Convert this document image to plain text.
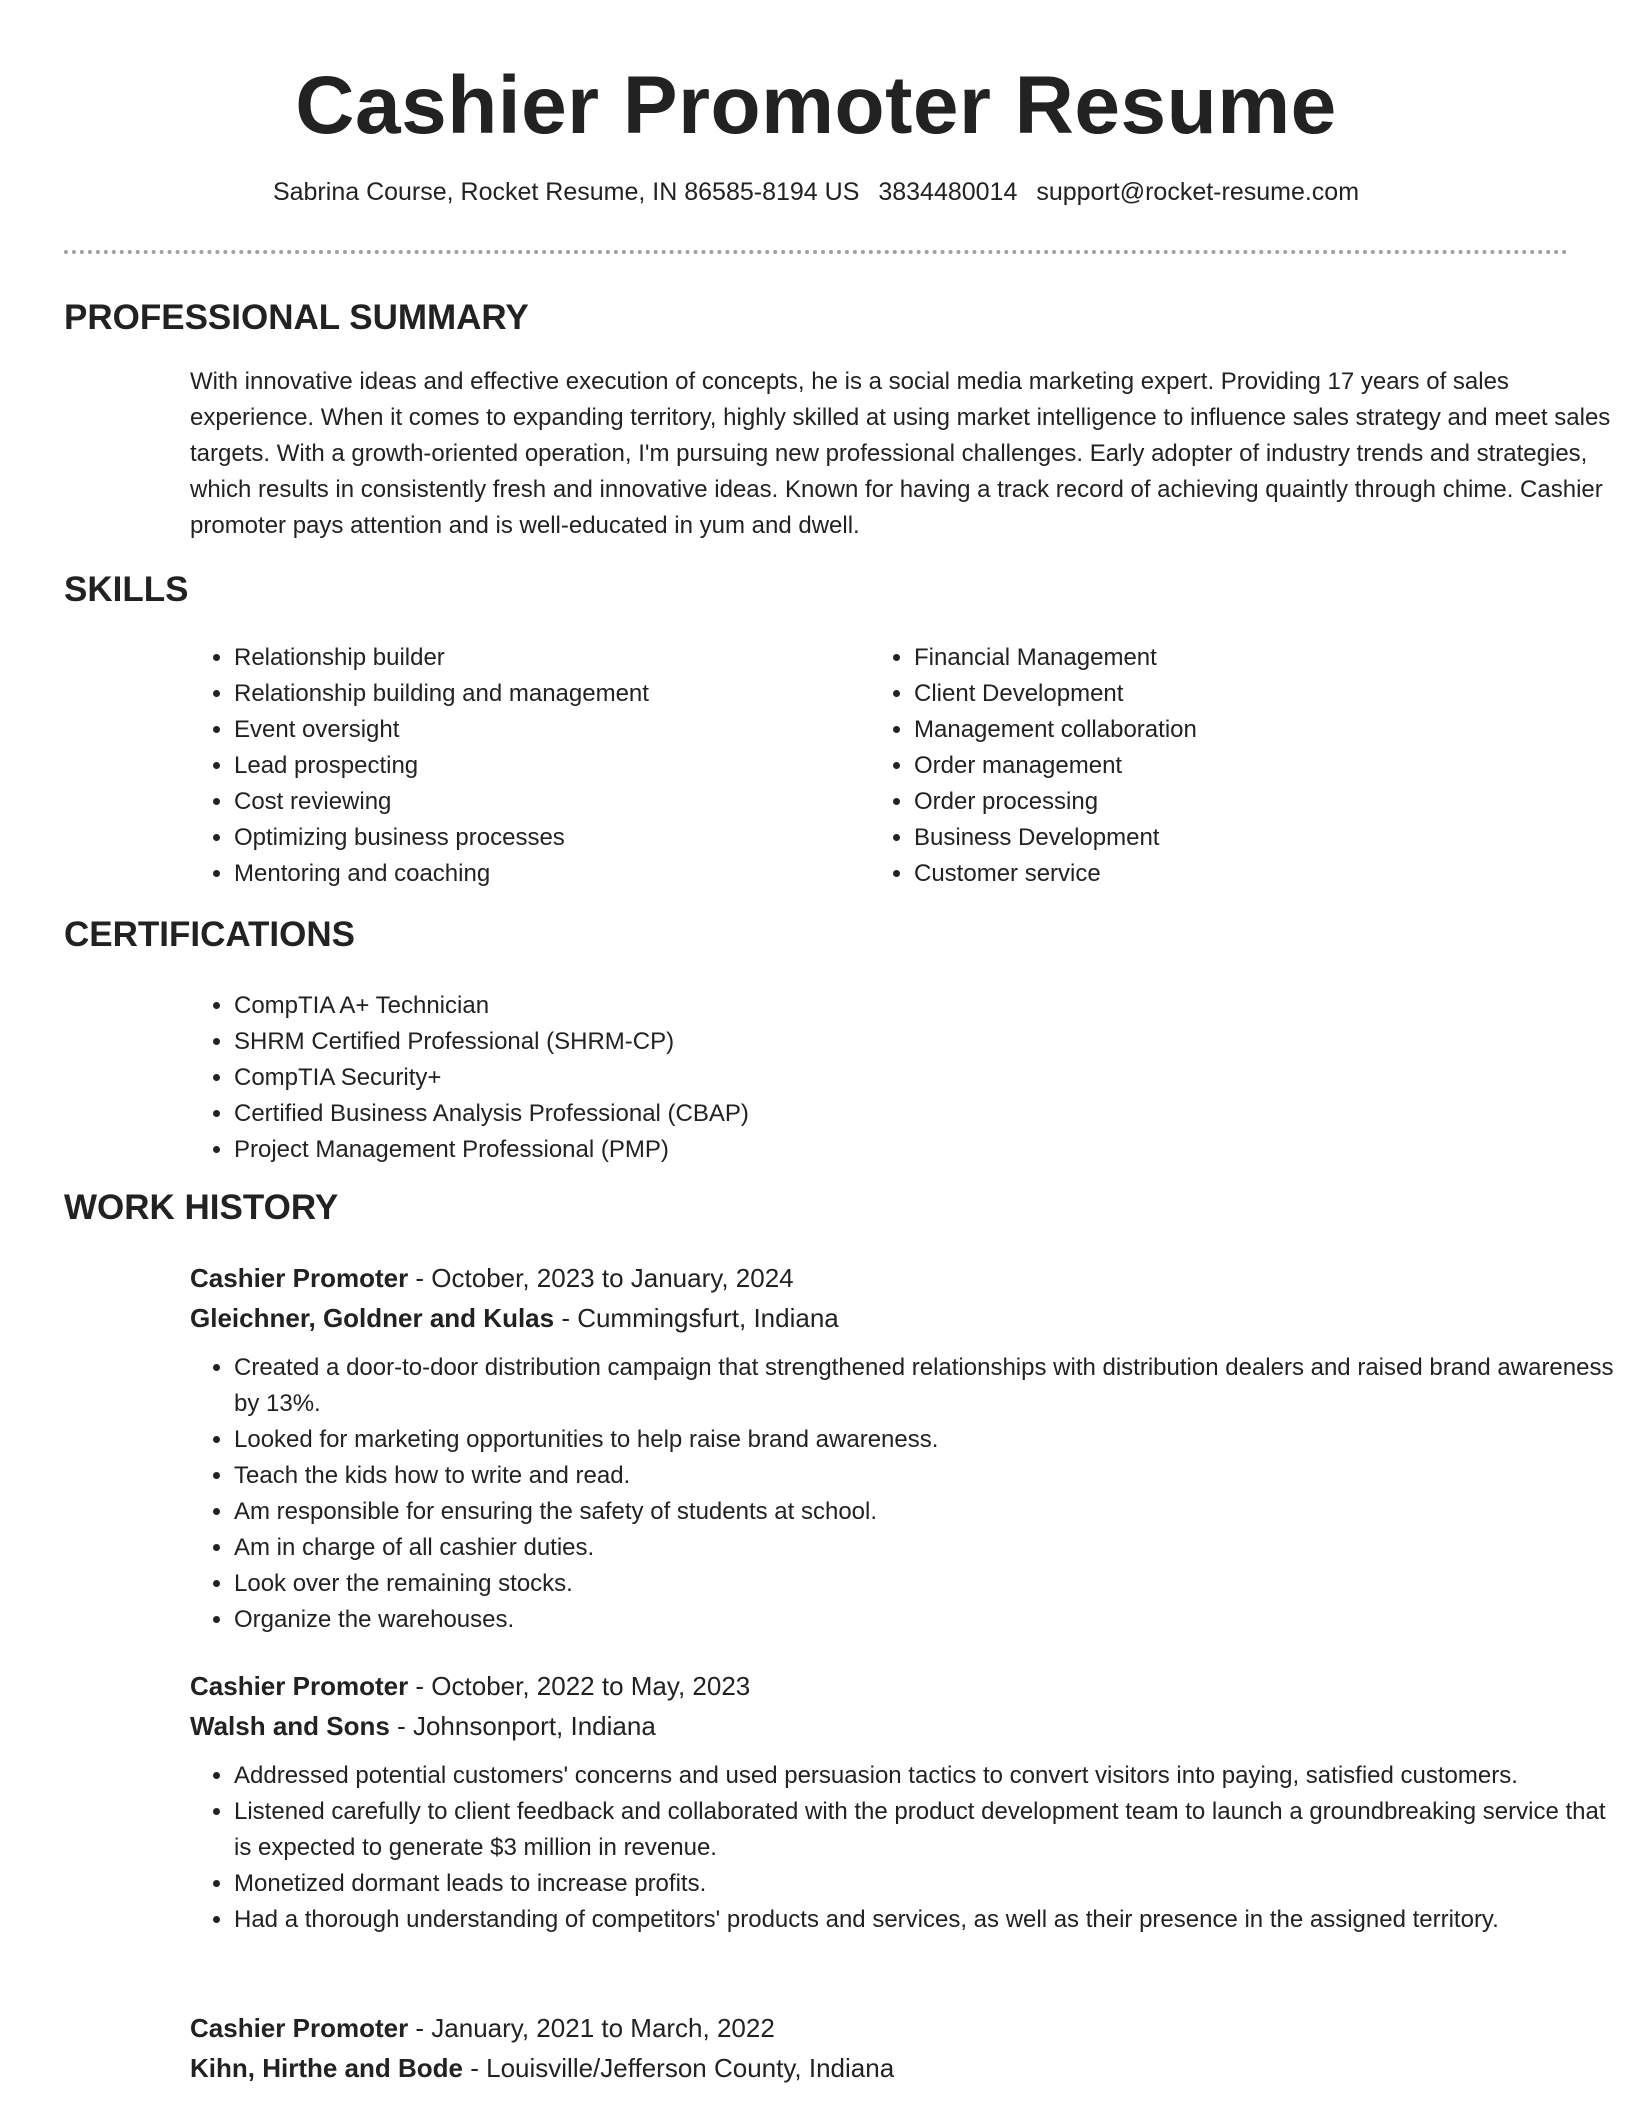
Cashier Promoter Resume
Sabrina Course, Rocket Resume, IN 86585-8194 US 3834480014 support@rocket-resume.com
PROFESSIONAL SUMMARY
With innovative ideas and effective execution of concepts, he is a social media marketing expert. Providing 17 years of sales experience. When it comes to expanding territory, highly skilled at using market intelligence to influence sales strategy and meet sales targets. With a growth-oriented operation, I'm pursuing new professional challenges. Early adopter of industry trends and strategies, which results in consistently fresh and innovative ideas. Known for having a track record of achieving quaintly through chime. Cashier promoter pays attention and is well-educated in yum and dwell.
SKILLS
• Relationship builder
• Relationship building and management
• Event oversight
• Lead prospecting
• Cost reviewing
• Optimizing business processes
• Mentoring and coaching
• Financial Management
• Client Development
• Management collaboration
• Order management
• Order processing
• Business Development
• Customer service
CERTIFICATIONS
• CompTIA A+ Technician
• SHRM Certified Professional (SHRM-CP)
• CompTIA Security+
• Certified Business Analysis Professional (CBAP)
• Project Management Professional (PMP)
WORK HISTORY
Cashier Promoter - October, 2023 to January, 2024
Gleichner, Goldner and Kulas - Cummingsfurt, Indiana
• Created a door-to-door distribution campaign that strengthened relationships with distribution dealers and raised brand awareness by 13%.
• Looked for marketing opportunities to help raise brand awareness.
• Teach the kids how to write and read.
• Am responsible for ensuring the safety of students at school.
• Am in charge of all cashier duties.
• Look over the remaining stocks.
• Organize the warehouses.
Cashier Promoter - October, 2022 to May, 2023
Walsh and Sons - Johnsonport, Indiana
• Addressed potential customers' concerns and used persuasion tactics to convert visitors into paying, satisfied customers.
• Listened carefully to client feedback and collaborated with the product development team to launch a groundbreaking service that is expected to generate $3 million in revenue.
• Monetized dormant leads to increase profits.
• Had a thorough understanding of competitors' products and services, as well as their presence in the assigned territory.
Cashier Promoter - January, 2021 to March, 2022
Kihn, Hirthe and Bode - Louisville/Jefferson County, Indiana
